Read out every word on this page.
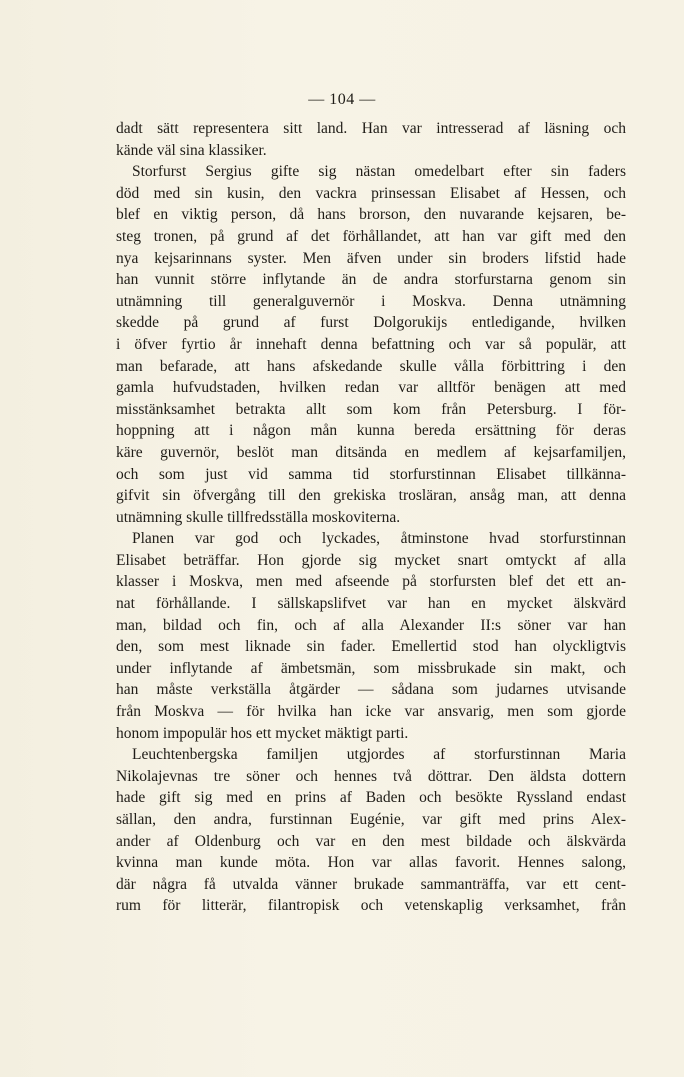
— 104 —
dadt sätt representera sitt land. Han var intresserad af läsning och
kände väl sina klassiker.
Storfurst Sergius gifte sig nästan omedelbart efter sin faders
död med sin kusin, den vackra prinsessan Elisabet af Hessen, och
blef en viktig person, då hans brorson, den nuvarande kejsaren, be-
steg tronen, på grund af det förhållandet, att han var gift med den
nya kejsarinnans syster. Men äfven under sin broders lifstid hade
han vunnit större inflytande än de andra storfurstarna genom sin
utnämning till generalguvernör i Moskva. Denna utnämning
skedde på grund af furst Dolgorukijs entledigande, hvilken
i öfver fyrtio år innehaft denna befattning och var så populär, att
man befarade, att hans afskedande skulle vålla förbittring i den
gamla hufvudstaden, hvilken redan var alltför benägen att med
misstänksamhet betrakta allt som kom från Petersburg. I för-
hoppning att i någon mån kunna bereda ersättning för deras
käre guvernör, beslöt man ditsända en medlem af kejsarfamiljen,
och som just vid samma tid storfurstinnan Elisabet tillkänna-
gifvit sin öfvergång till den grekiska trosläran, ansåg man, att denna
utnämning skulle tillfredsställa moskoviterna.
Planen var god och lyckades, åtminstone hvad storfurstinnan
Elisabet beträffar. Hon gjorde sig mycket snart omtyckt af alla
klasser i Moskva, men med afseende på storfursten blef det ett an-
nat förhållande. I sällskapslifvet var han en mycket älskvärd
man, bildad och fin, och af alla Alexander II:s söner var han
den, som mest liknade sin fader. Emellertid stod han olyckligtvis
under inflytande af ämbetsmän, som missbrukade sin makt, och
han måste verkställa åtgärder — sådana som judarnes utvisande
från Moskva — för hvilka han icke var ansvarig, men som gjorde
honom impopulär hos ett mycket mäktigt parti.
Leuchtenbergska familjen utgjordes af storfurstinnan Maria
Nikolajevnas tre söner och hennes två döttrar. Den äldsta dottern
hade gift sig med en prins af Baden och besökte Ryssland endast
sällan, den andra, furstinnan Eugénie, var gift med prins Alex-
ander af Oldenburg och var en den mest bildade och älskvärda
kvinna man kunde möta. Hon var allas favorit. Hennes salong,
där några få utvalda vänner brukade sammanträffa, var ett cent-
rum för litterär, filantropisk och vetenskaplig verksamhet, från
